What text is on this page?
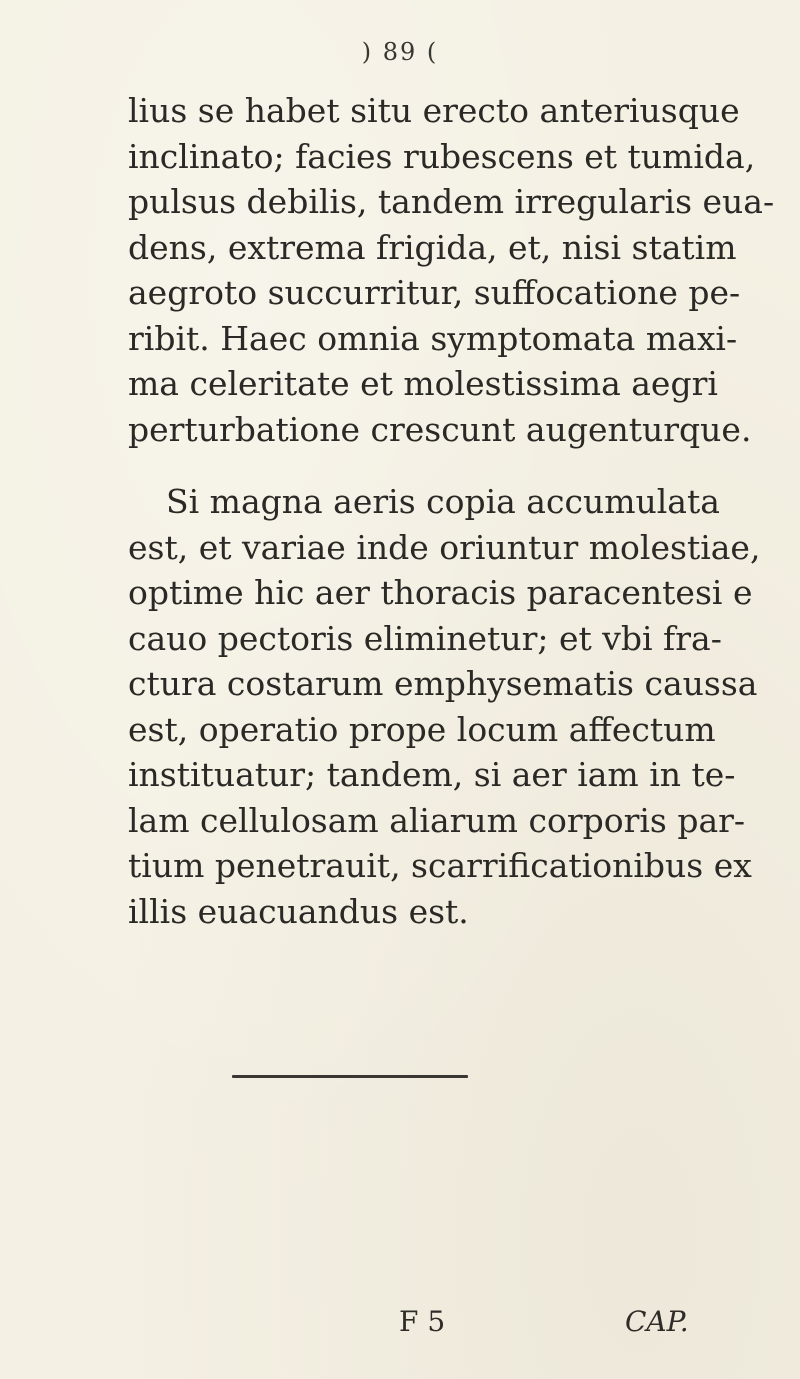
) 89 (

lius se habet situ erecto anteriusque
inclinato; facies rubescens et tumida,
pulsus debilis, tandem irregularis eua-
dens, extrema frigida, et, nisi statim
aegroto succurritur, suffocatione pe-
ribit. Haec omnia symptomata maxi-
ma celeritate et molestissima aegri
perturbatione crescunt augenturque.

Si magna aeris copia accumulata
est, et variae inde oriuntur molestiae,
optime hic aer thoracis paracentesi e
cauo pectoris eliminetur; et vbi fra-
ctura costarum emphysematis caussa
est, operatio prope locum affectum
instituatur; tandem, si aer iam in te-
lam cellulosam aliarum corporis par-
tium penetrauit, scarrificationibus ex
illis euacuandus est.

F 5	CAP.
